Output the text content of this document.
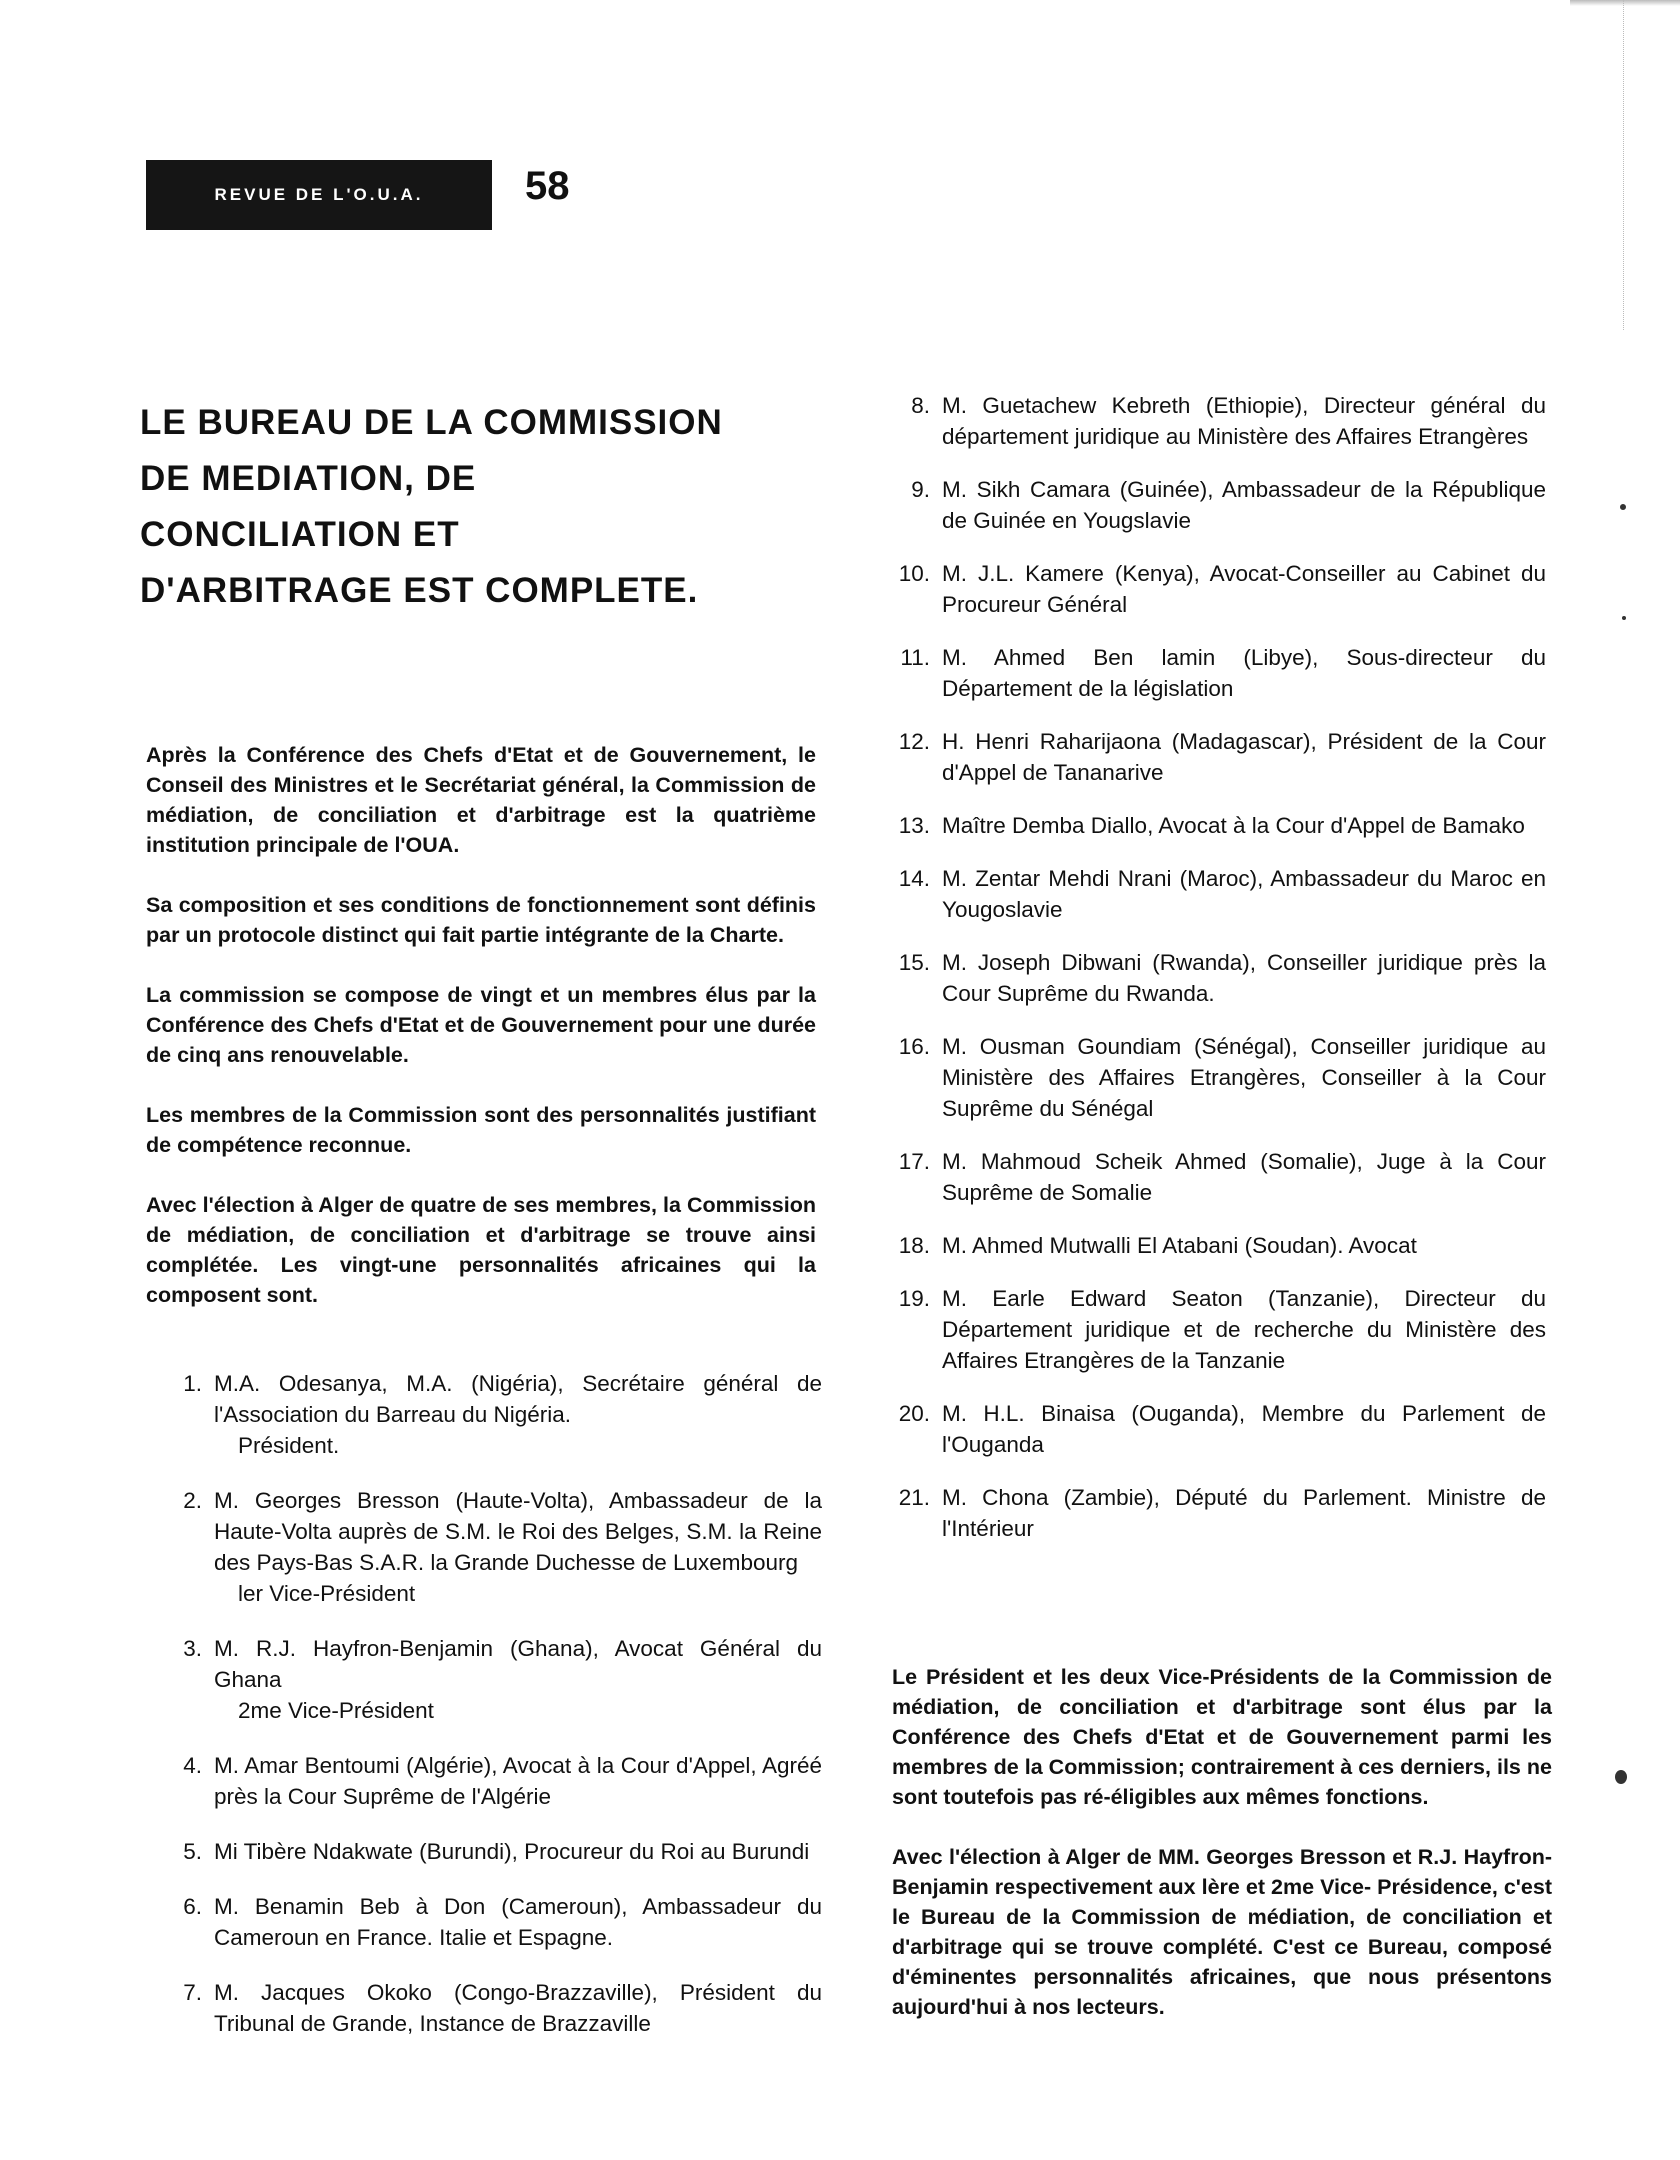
REVUE DE L'O.U.A.	58
LE BUREAU DE LA COMMISSION
DE MEDIATION, DE
CONCILIATION ET
D'ARBITRAGE EST COMPLETE.

Après la Conférence des Chefs d'Etat et de Gouvernement, le Conseil des Ministres et le Secrétariat général, la Commission de médiation, de conciliation et d'arbitrage est la quatrième institution principale de l'OUA.

Sa composition et ses conditions de fonctionnement sont définis par un protocole distinct qui fait partie intégrante de la Charte.

La commission se compose de vingt et un membres élus par la Conférence des Chefs d'Etat et de Gouvernement pour une durée de cinq ans renouvelable.

Les membres de la Commission sont des personnalités justifiant de compétence reconnue.

Avec l'élection à Alger de quatre de ses membres, la Commission de médiation, de conciliation et d'arbitrage se trouve ainsi complétée. Les vingt-une personnalités africaines qui la composent sont.

1. M.A. Odesanya, M.A. (Nigéria), Secrétaire général de l'Association du Barreau du Nigéria.
Président.
2. M. Georges Bresson (Haute-Volta), Ambassadeur de la Haute-Volta auprès de S.M. le Roi des Belges, S.M. la Reine des Pays-Bas S.A.R. la Grande Duchesse de Luxembourg
ler Vice-Président
3. M. R.J. Hayfron-Benjamin (Ghana), Avocat Général du Ghana
2me Vice-Président
4. M. Amar Bentoumi (Algérie), Avocat à la Cour d'Appel, Agréé près la Cour Suprême de l'Algérie
5. Mi Tibère Ndakwate (Burundi), Procureur du Roi au Burundi
6. M. Benamin Beb à Don (Cameroun), Ambassadeur du Cameroun en France. Italie et Espagne.
7. M. Jacques Okoko (Congo-Brazzaville), Président du Tribunal de Grande, Instance de Brazzaville
8. M. Guetachew Kebreth (Ethiopie), Directeur général du département juridique au Ministère des Affaires Etrangères
9. M. Sikh Camara (Guinée), Ambassadeur de la République de Guinée en Yougslavie
10. M. J.L. Kamere (Kenya), Avocat-Conseiller au Cabinet du Procureur Général
11. M. Ahmed Ben lamin (Libye), Sous-directeur du Département de la législation
12. H. Henri Raharijaona (Madagascar), Président de la Cour d'Appel de Tananarive
13. Maître Demba Diallo, Avocat à la Cour d'Appel de Bamako
14. M. Zentar Mehdi Nrani (Maroc), Ambassadeur du Maroc en Yougoslavie
15. M. Joseph Dibwani (Rwanda), Conseiller juridique près la Cour Suprême du Rwanda.
16. M. Ousman Goundiam (Sénégal), Conseiller juridique au Ministère des Affaires Etrangères, Conseiller à la Cour Suprême du Sénégal
17. M. Mahmoud Scheik Ahmed (Somalie), Juge à la Cour Suprême de Somalie
18. M. Ahmed Mutwalli El Atabani (Soudan). Avocat
19. M. Earle Edward Seaton (Tanzanie), Directeur du Département juridique et de recherche du Ministère des Affaires Etrangères de la Tanzanie
20. M. H.L. Binaisa (Ouganda), Membre du Parlement de l'Ouganda
21. M. Chona (Zambie), Député du Parlement. Ministre de l'Intérieur

Le Président et les deux Vice-Présidents de la Commission de médiation, de conciliation et d'arbitrage sont élus par la Conférence des Chefs d'Etat et de Gouvernement parmi les membres de la Commission; contrairement à ces derniers, ils ne sont toutefois pas ré-éligibles aux mêmes fonctions.

Avec l'élection à Alger de MM. Georges Bresson et R.J. Hayfron-Benjamin respectivement aux lère et 2me Vice- Présidence, c'est le Bureau de la Commission de médiation, de conciliation et d'arbitrage qui se trouve complété. C'est ce Bureau, composé d'éminentes personnalités africaines, que nous présentons aujourd'hui à nos lecteurs.
